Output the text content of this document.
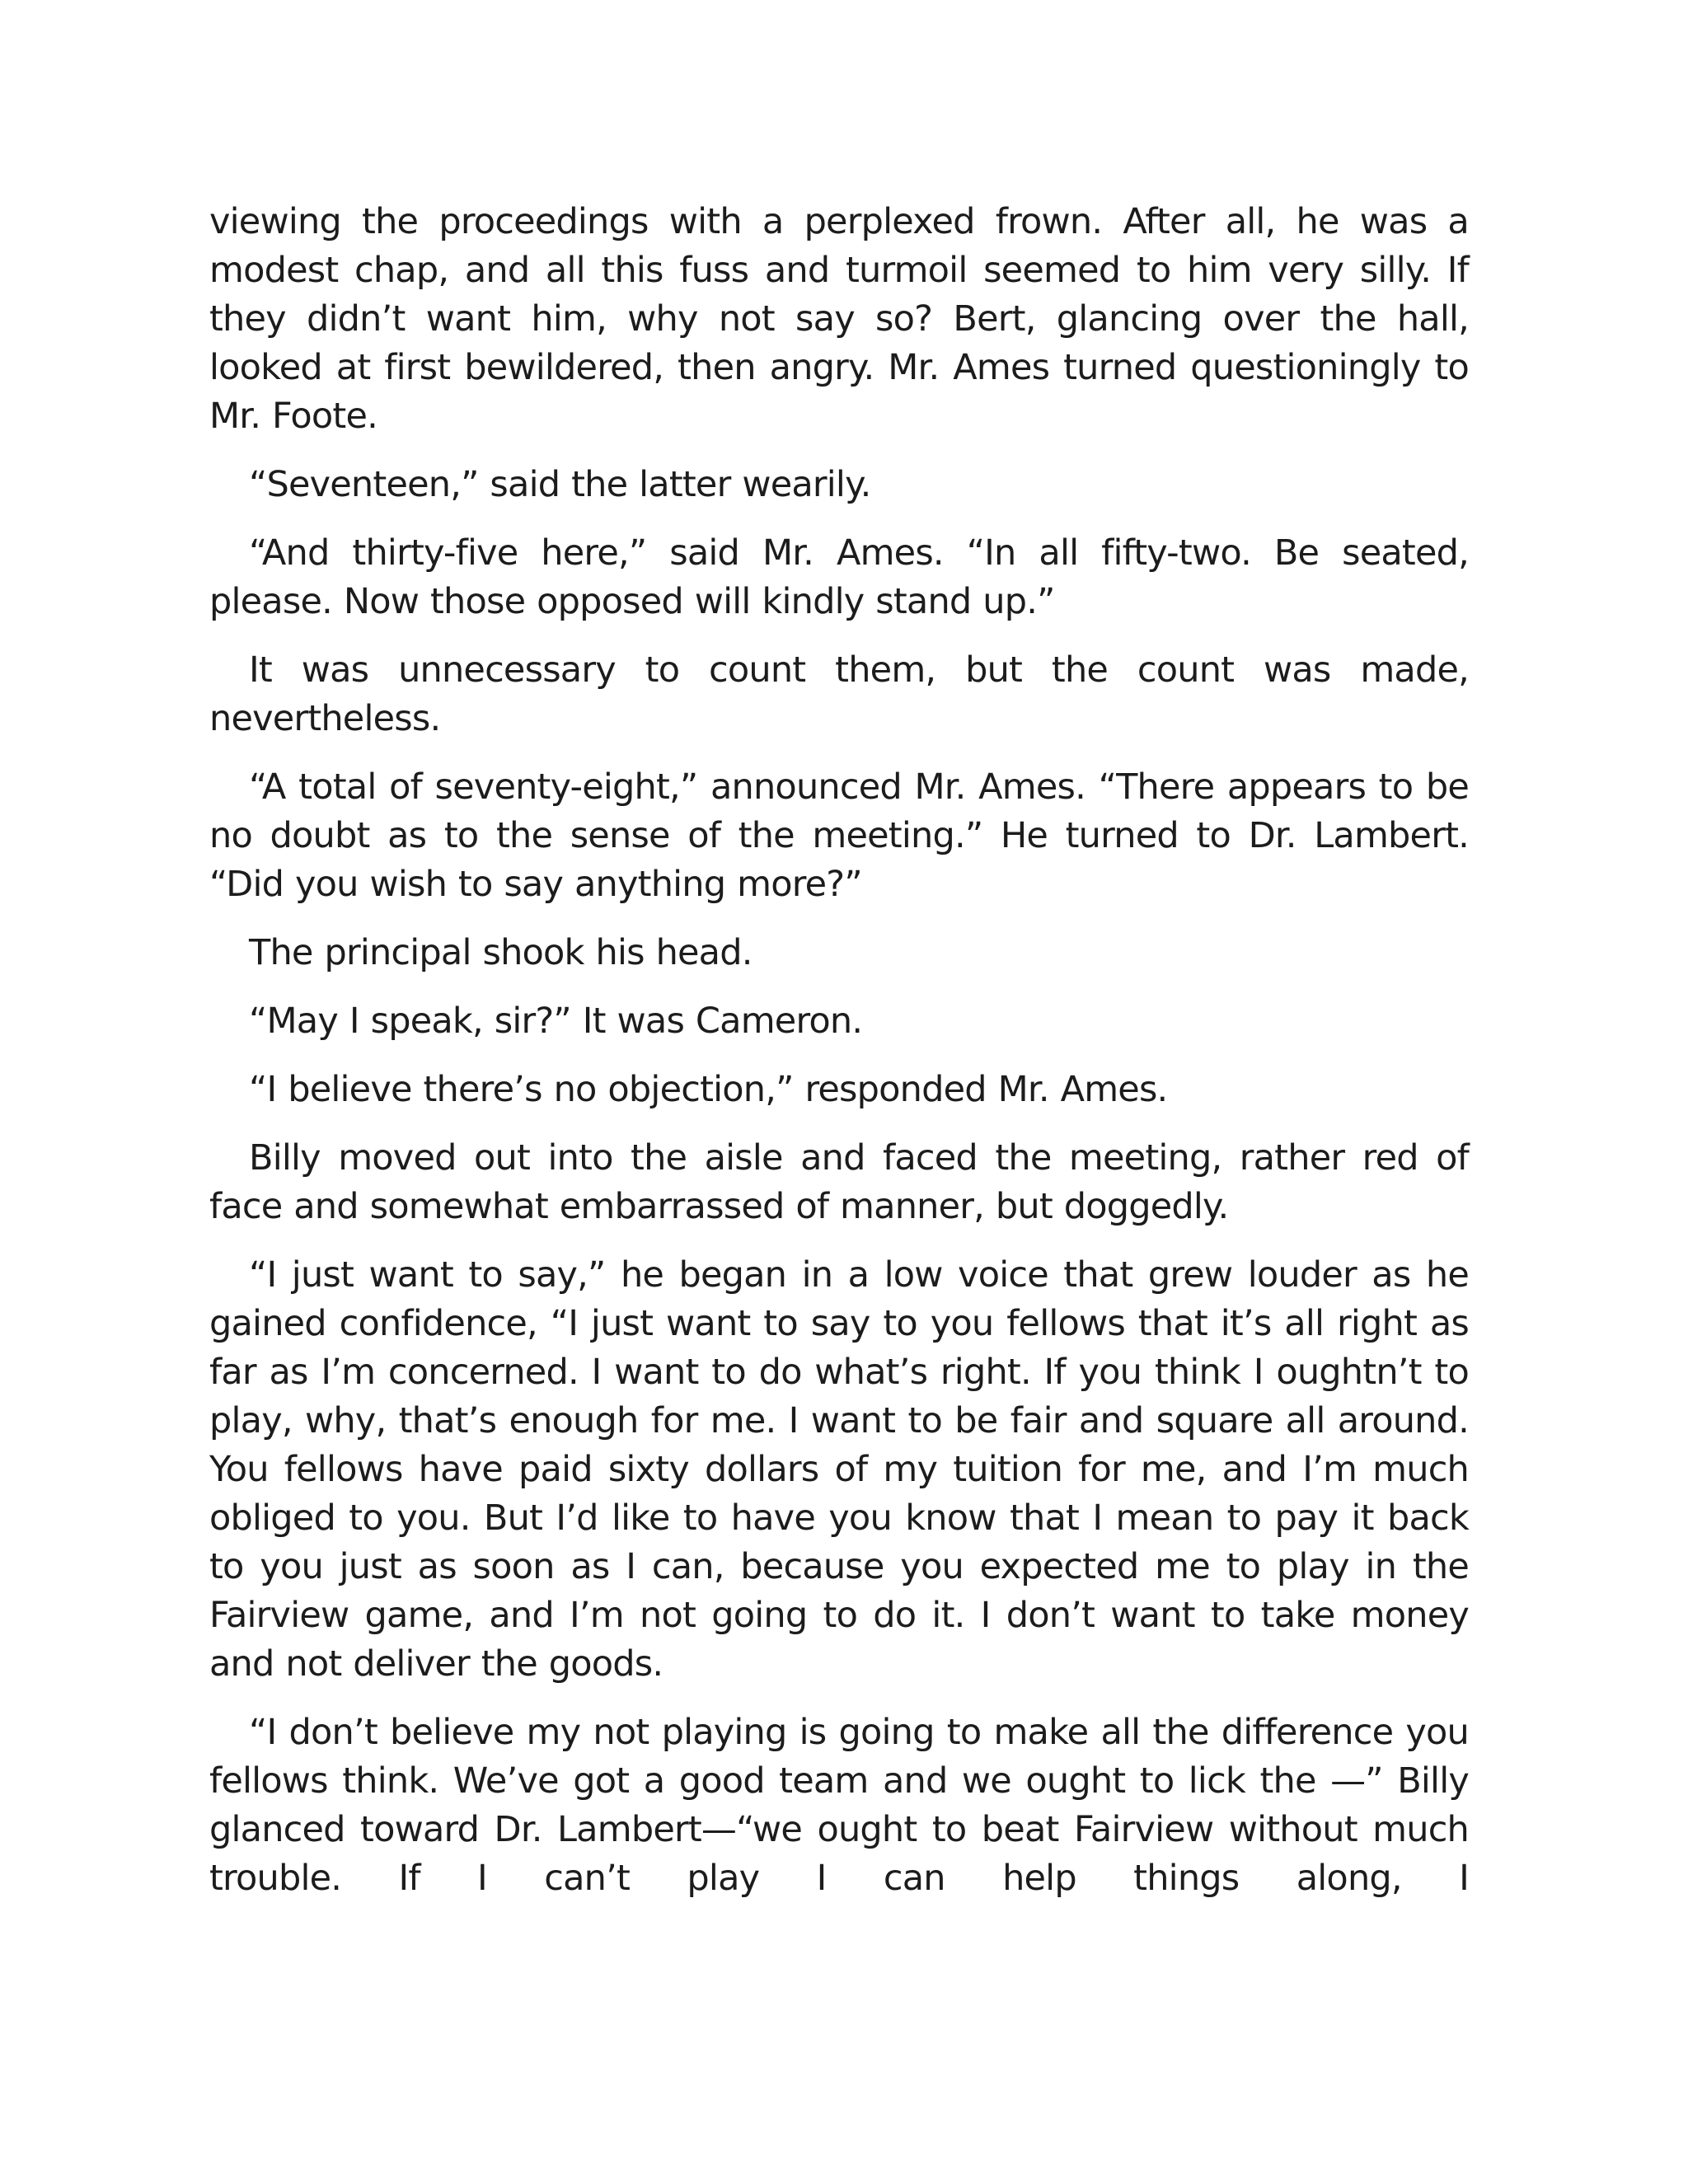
viewing the proceedings with a perplexed frown. After all, he was a modest chap, and all this fuss and turmoil seemed to him very silly. If they didn’t want him, why not say so? Bert, glancing over the hall, looked at first bewildered, then angry. Mr. Ames turned questioningly to Mr. Foote.

“Seventeen,” said the latter wearily.

“And thirty-five here,” said Mr. Ames. “In all fifty-two. Be seated, please. Now those opposed will kindly stand up.”

It was unnecessary to count them, but the count was made, nevertheless.

“A total of seventy-eight,” announced Mr. Ames. “There appears to be no doubt as to the sense of the meeting.” He turned to Dr. Lambert. “Did you wish to say anything more?”

The principal shook his head.

“May I speak, sir?” It was Cameron.

“I believe there’s no objection,” responded Mr. Ames.

Billy moved out into the aisle and faced the meeting, rather red of face and somewhat embarrassed of manner, but doggedly.

“I just want to say,” he began in a low voice that grew louder as he gained confidence, “I just want to say to you fellows that it’s all right as far as I’m concerned. I want to do what’s right. If you think I oughtn’t to play, why, that’s enough for me. I want to be fair and square all around. You fellows have paid sixty dollars of my tuition for me, and I’m much obliged to you. But I’d like to have you know that I mean to pay it back to you just as soon as I can, because you expected me to play in the Fairview game, and I’m not going to do it. I don’t want to take money and not deliver the goods.

“I don’t believe my not playing is going to make all the difference you fellows think. We’ve got a good team and we ought to lick the —” Billy glanced toward Dr. Lambert—“we ought to beat Fairview without much trouble. If I can’t play I can help things along, I
